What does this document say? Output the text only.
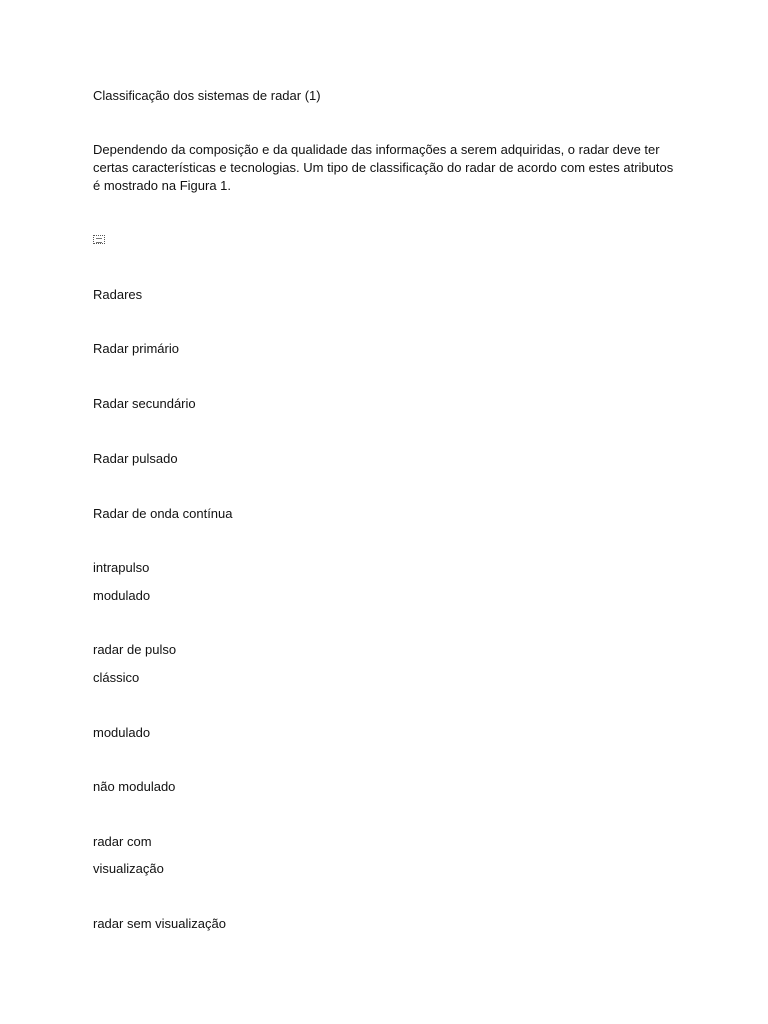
Classificação dos sistemas de radar (1)
Dependendo da composição e da qualidade das informações a serem adquiridas, o radar deve ter
certas características e tecnologias. Um tipo de classificação do radar de acordo com estes atributos
é mostrado na Figura 1.
Radares
Radar primário
Radar secundário
Radar pulsado
Radar de onda contínua
intrapulso
modulado
radar de pulso
clássico
modulado
não modulado
radar com
visualização
radar sem visualização
